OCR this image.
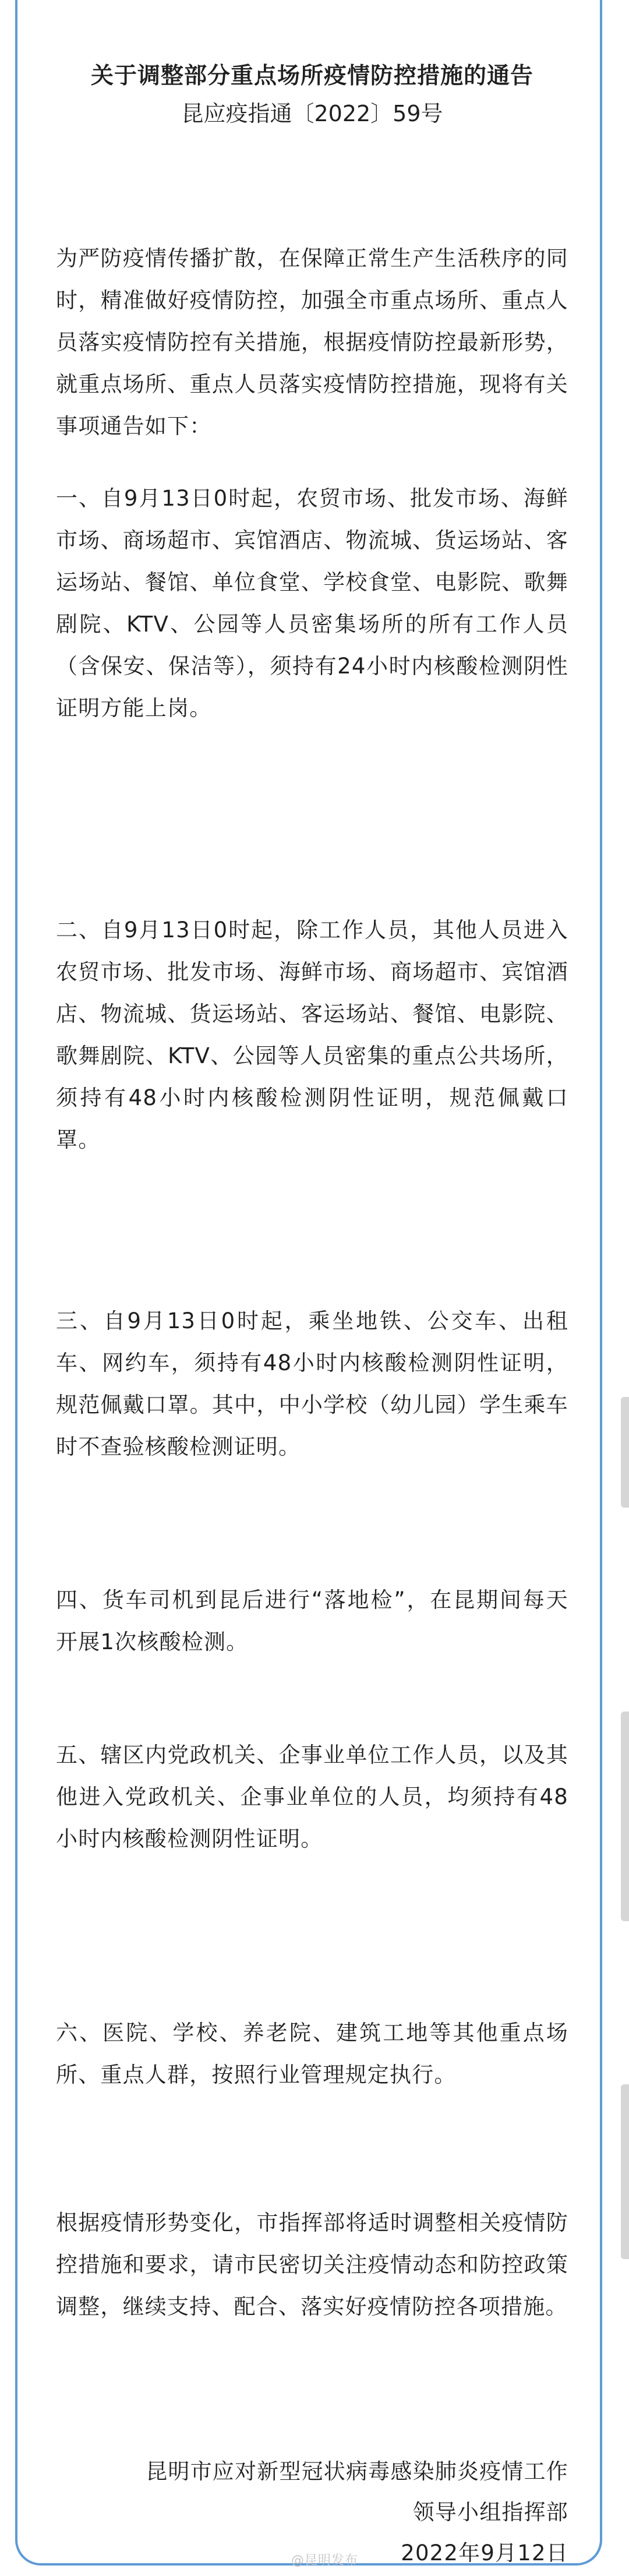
关于调整部分重点场所疫情防控措施的通告

昆应疫指通〔2022〕59号

为严防疫情传播扩散，在保障正常生产生活秩序的同时，精准做好疫情防控，加强全市重点场所、重点人员落实疫情防控有关措施，根据疫情防控最新形势，就重点场所、重点人员落实疫情防控措施，现将有关事项通告如下：

一、自9月13日0时起，农贸市场、批发市场、海鲜市场、商场超市、宾馆酒店、物流城、货运场站、客运场站、餐馆、单位食堂、学校食堂、电影院、歌舞剧院、KTV、公园等人员密集场所的所有工作人员（含保安、保洁等），须持有24小时内核酸检测阴性证明方能上岗。

二、自9月13日0时起，除工作人员，其他人员进入农贸市场、批发市场、海鲜市场、商场超市、宾馆酒店、物流城、货运场站、客运场站、餐馆、电影院、歌舞剧院、KTV、公园等人员密集的重点公共场所，须持有48小时内核酸检测阴性证明，规范佩戴口罩。

三、自9月13日0时起，乘坐地铁、公交车、出租车、网约车，须持有48小时内核酸检测阴性证明，规范佩戴口罩。其中，中小学校（幼儿园）学生乘车时不查验核酸检测证明。

四、货车司机到昆后进行“落地检”，在昆期间每天开展1次核酸检测。

五、辖区内党政机关、企事业单位工作人员，以及其他进入党政机关、企事业单位的人员，均须持有48小时内核酸检测阴性证明。

六、医院、学校、养老院、建筑工地等其他重点场所、重点人群，按照行业管理规定执行。

根据疫情形势变化，市指挥部将适时调整相关疫情防控措施和要求，请市民密切关注疫情动态和防控政策调整，继续支持、配合、落实好疫情防控各项措施。

昆明市应对新型冠状病毒感染肺炎疫情工作
领导小组指挥部
2022年9月12日
@昆明发布
